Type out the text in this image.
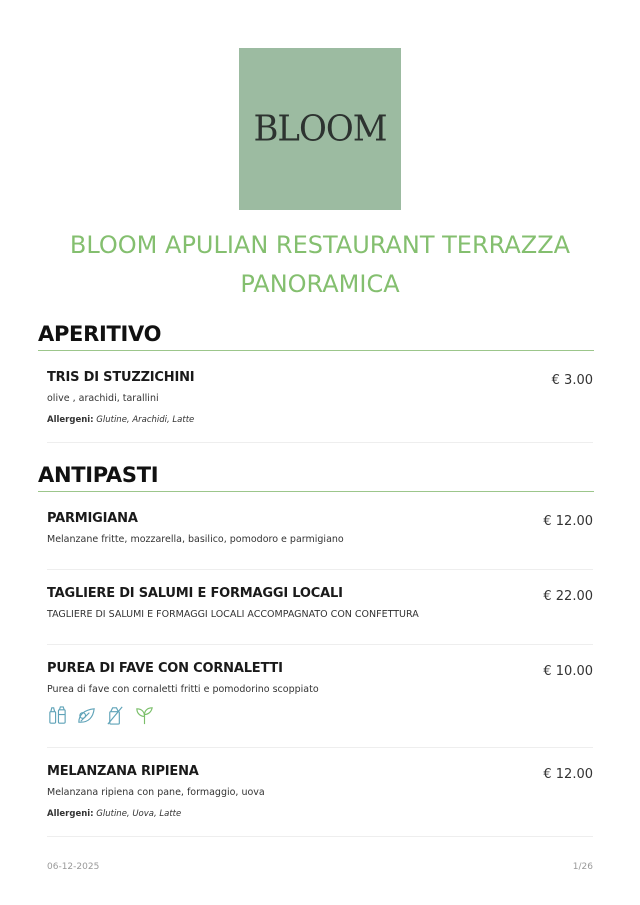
BLOOM
BLOOM APULIAN RESTAURANT TERRAZZA PANORAMICA
APERITIVO
TRIS DI STUZZICHINI	€ 3.00
olive , arachidi, tarallini
Allergeni: Glutine, Arachidi, Latte
ANTIPASTI
PARMIGIANA	€ 12.00
Melanzane fritte, mozzarella, basilico, pomodoro e parmigiano
TAGLIERE DI SALUMI E FORMAGGI LOCALI	€ 22.00
TAGLIERE DI SALUMI E FORMAGGI LOCALI ACCOMPAGNATO CON CONFETTURA
PUREA DI FAVE CON CORNALETTI	€ 10.00
Purea di fave con cornaletti fritti e pomodorino scoppiato
MELANZANA RIPIENA	€ 12.00
Melanzana ripiena con pane, formaggio, uova
Allergeni: Glutine, Uova, Latte
06-12-2025	1/26
